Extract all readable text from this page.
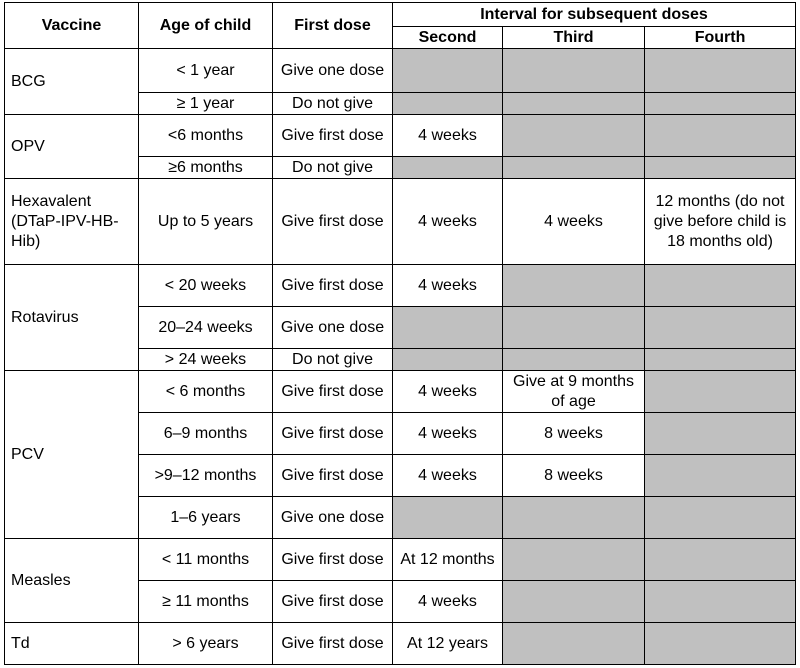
Vaccine	Age of child	First dose	Interval for subsequent doses		
			Second	Third	Fourth
BCG	< 1 year	Give one dose			
	≥ 1 year	Do not give			
OPV	<6 months	Give first dose	4 weeks		
	≥6 months	Do not give			
Hexavalent (DTaP-IPV-HB-Hib)	Up to 5 years	Give first dose	4 weeks	4 weeks	12 months (do not give before child is 18 months old)
Rotavirus	< 20 weeks	Give first dose	4 weeks		
	20–24 weeks	Give one dose			
	> 24 weeks	Do not give			
PCV	< 6 months	Give first dose	4 weeks	Give at 9 months of age	
	6–9 months	Give first dose	4 weeks	8 weeks	
	>9–12 months	Give first dose	4 weeks	8 weeks	
	1–6 years	Give one dose			
Measles	< 11 months	Give first dose	At 12 months		
	≥ 11 months	Give first dose	4 weeks		
Td	> 6 years	Give first dose	At 12 years		
